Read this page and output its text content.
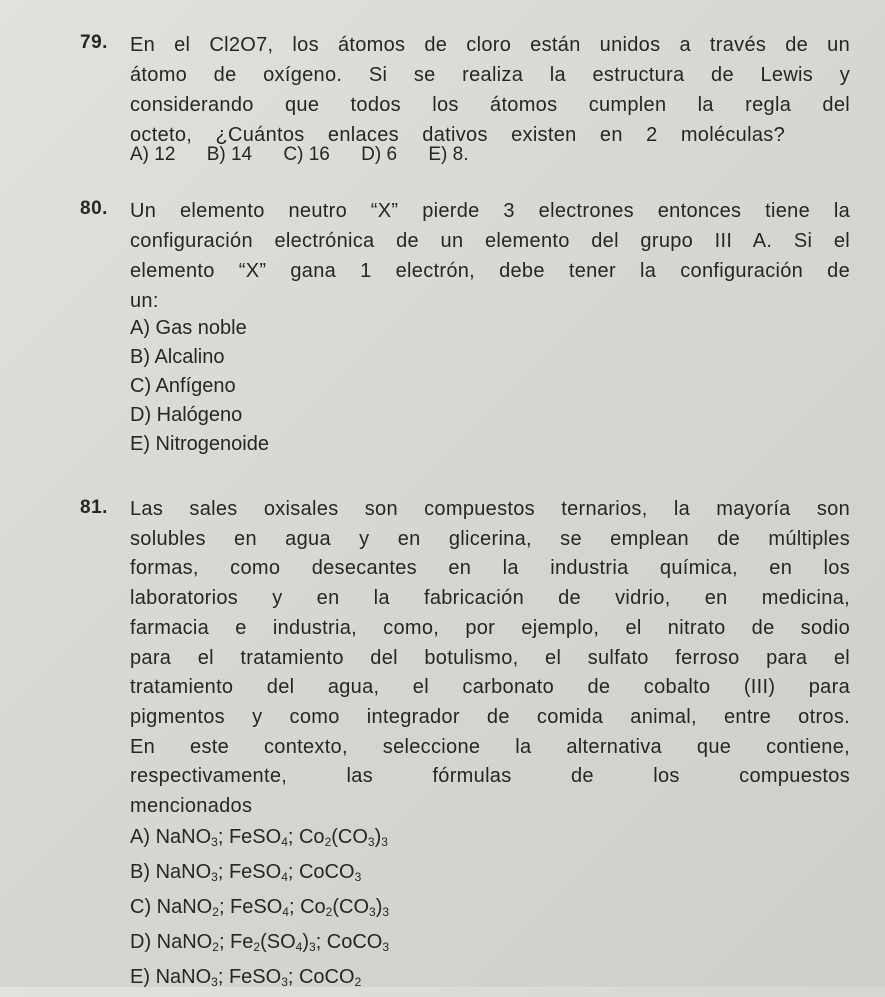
79. En el Cl2O7, los átomos de cloro están unidos a través de un
átomo de oxígeno. Si se realiza la estructura de Lewis y
considerando que todos los átomos cumplen la regla del
octeto, ¿Cuántos enlaces dativos existen en 2 moléculas?
A) 12 B) 14 C) 16 D) 6 E) 8.
80. Un elemento neutro “X” pierde 3 electrones entonces tiene la
configuración electrónica de un elemento del grupo III A. Si el
elemento “X” gana 1 electrón, debe tener la configuración de
un:
A) Gas noble
B) Alcalino
C) Anfígeno
D) Halógeno
E) Nitrogenoide
81. Las sales oxisales son compuestos ternarios, la mayoría son
solubles en agua y en glicerina, se emplean de múltiples
formas, como desecantes en la industria química, en los
laboratorios y en la fabricación de vidrio, en medicina,
farmacia e industria, como, por ejemplo, el nitrato de sodio
para el tratamiento del botulismo, el sulfato ferroso para el
tratamiento del agua, el carbonato de cobalto (III) para
pigmentos y como integrador de comida animal, entre otros.
En este contexto, seleccione la alternativa que contiene,
respectivamente, las fórmulas de los compuestos
mencionados
A) NaNO$_3$; FeSO$_4$; $Co_2(CO_3)_3$
B) NaNO$_3$; FeSO$_4$; CoCO$_3$
C) NaNO$_2$; FeSO$_4$; $Co_2(CO_3)_3$
D) NaNO$_2$; $Fe_2(SO_4)_3$; CoCO$_3$
E) NaNO$_3$; FeSO$_3$; CoCO$_2$
